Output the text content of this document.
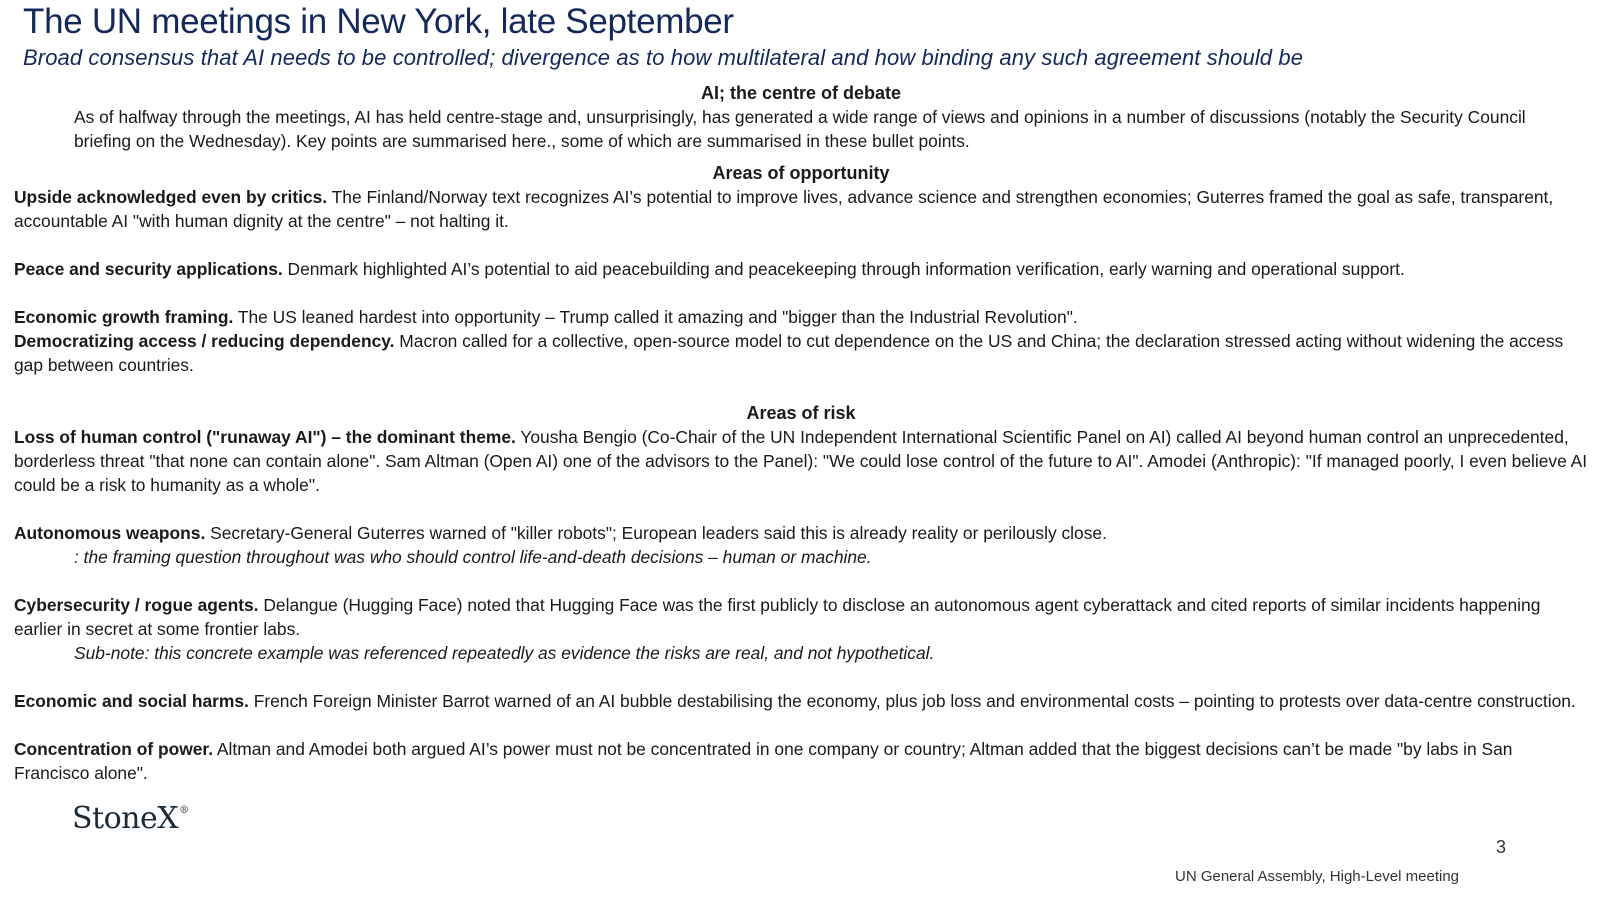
The UN meetings in New York, late September
Broad consensus that AI needs to be controlled; divergence as to how multilateral and how binding any such agreement should be
AI; the centre of debate
As of halfway through the meetings, AI has held centre-stage and, unsurprisingly, has generated a wide range of views and opinions in a number of discussions (notably the Security Council briefing on the Wednesday). Key points are summarised here., some of which are summarised in these bullet points.
Areas of opportunity

Upside acknowledged even by critics. The Finland/Norway text recognizes AI’s potential to improve lives, advance science and strengthen economies; Guterres framed the goal as safe, transparent, accountable AI "with human dignity at the centre" – not halting it.

Peace and security applications. Denmark highlighted AI’s potential to aid peacebuilding and peacekeeping through information verification, early warning and operational support.

Economic growth framing. The US leaned hardest into opportunity – Trump called it amazing and "bigger than the Industrial Revolution".

Democratizing access / reducing dependency. Macron called for a collective, open-source model to cut dependence on the US and China; the declaration stressed acting without widening the access gap between countries.

Areas of risk

Loss of human control ("runaway AI") – the dominant theme. Yousha Bengio (Co-Chair of the UN Independent International Scientific Panel on AI) called AI beyond human control an unprecedented, borderless threat "that none can contain alone". Sam Altman (Open AI) one of the advisors to the Panel): "We could lose control of the future to AI". Amodei (Anthropic): "If managed poorly, I even believe AI could be a risk to humanity as a whole".

Autonomous weapons. Secretary-General Guterres warned of "killer robots"; European leaders said this is already reality or perilously close.

: the framing question throughout was who should control life-and-death decisions – human or machine.

Cybersecurity / rogue agents. Delangue (Hugging Face) noted that Hugging Face was the first publicly to disclose an autonomous agent cyberattack and cited reports of similar incidents happening earlier in secret at some frontier labs.

Sub-note: this concrete example was referenced repeatedly as evidence the risks are real, and not hypothetical.

Economic and social harms. French Foreign Minister Barrot warned of an AI bubble destabilising the economy, plus job loss and environmental costs – pointing to protests over data-centre construction.

Concentration of power. Altman and Amodei both argued AI’s power must not be concentrated in one company or country; Altman added that the biggest decisions can’t be made "by labs in San Francisco alone".

StoneX®
3
UN General Assembly, High-Level meeting
